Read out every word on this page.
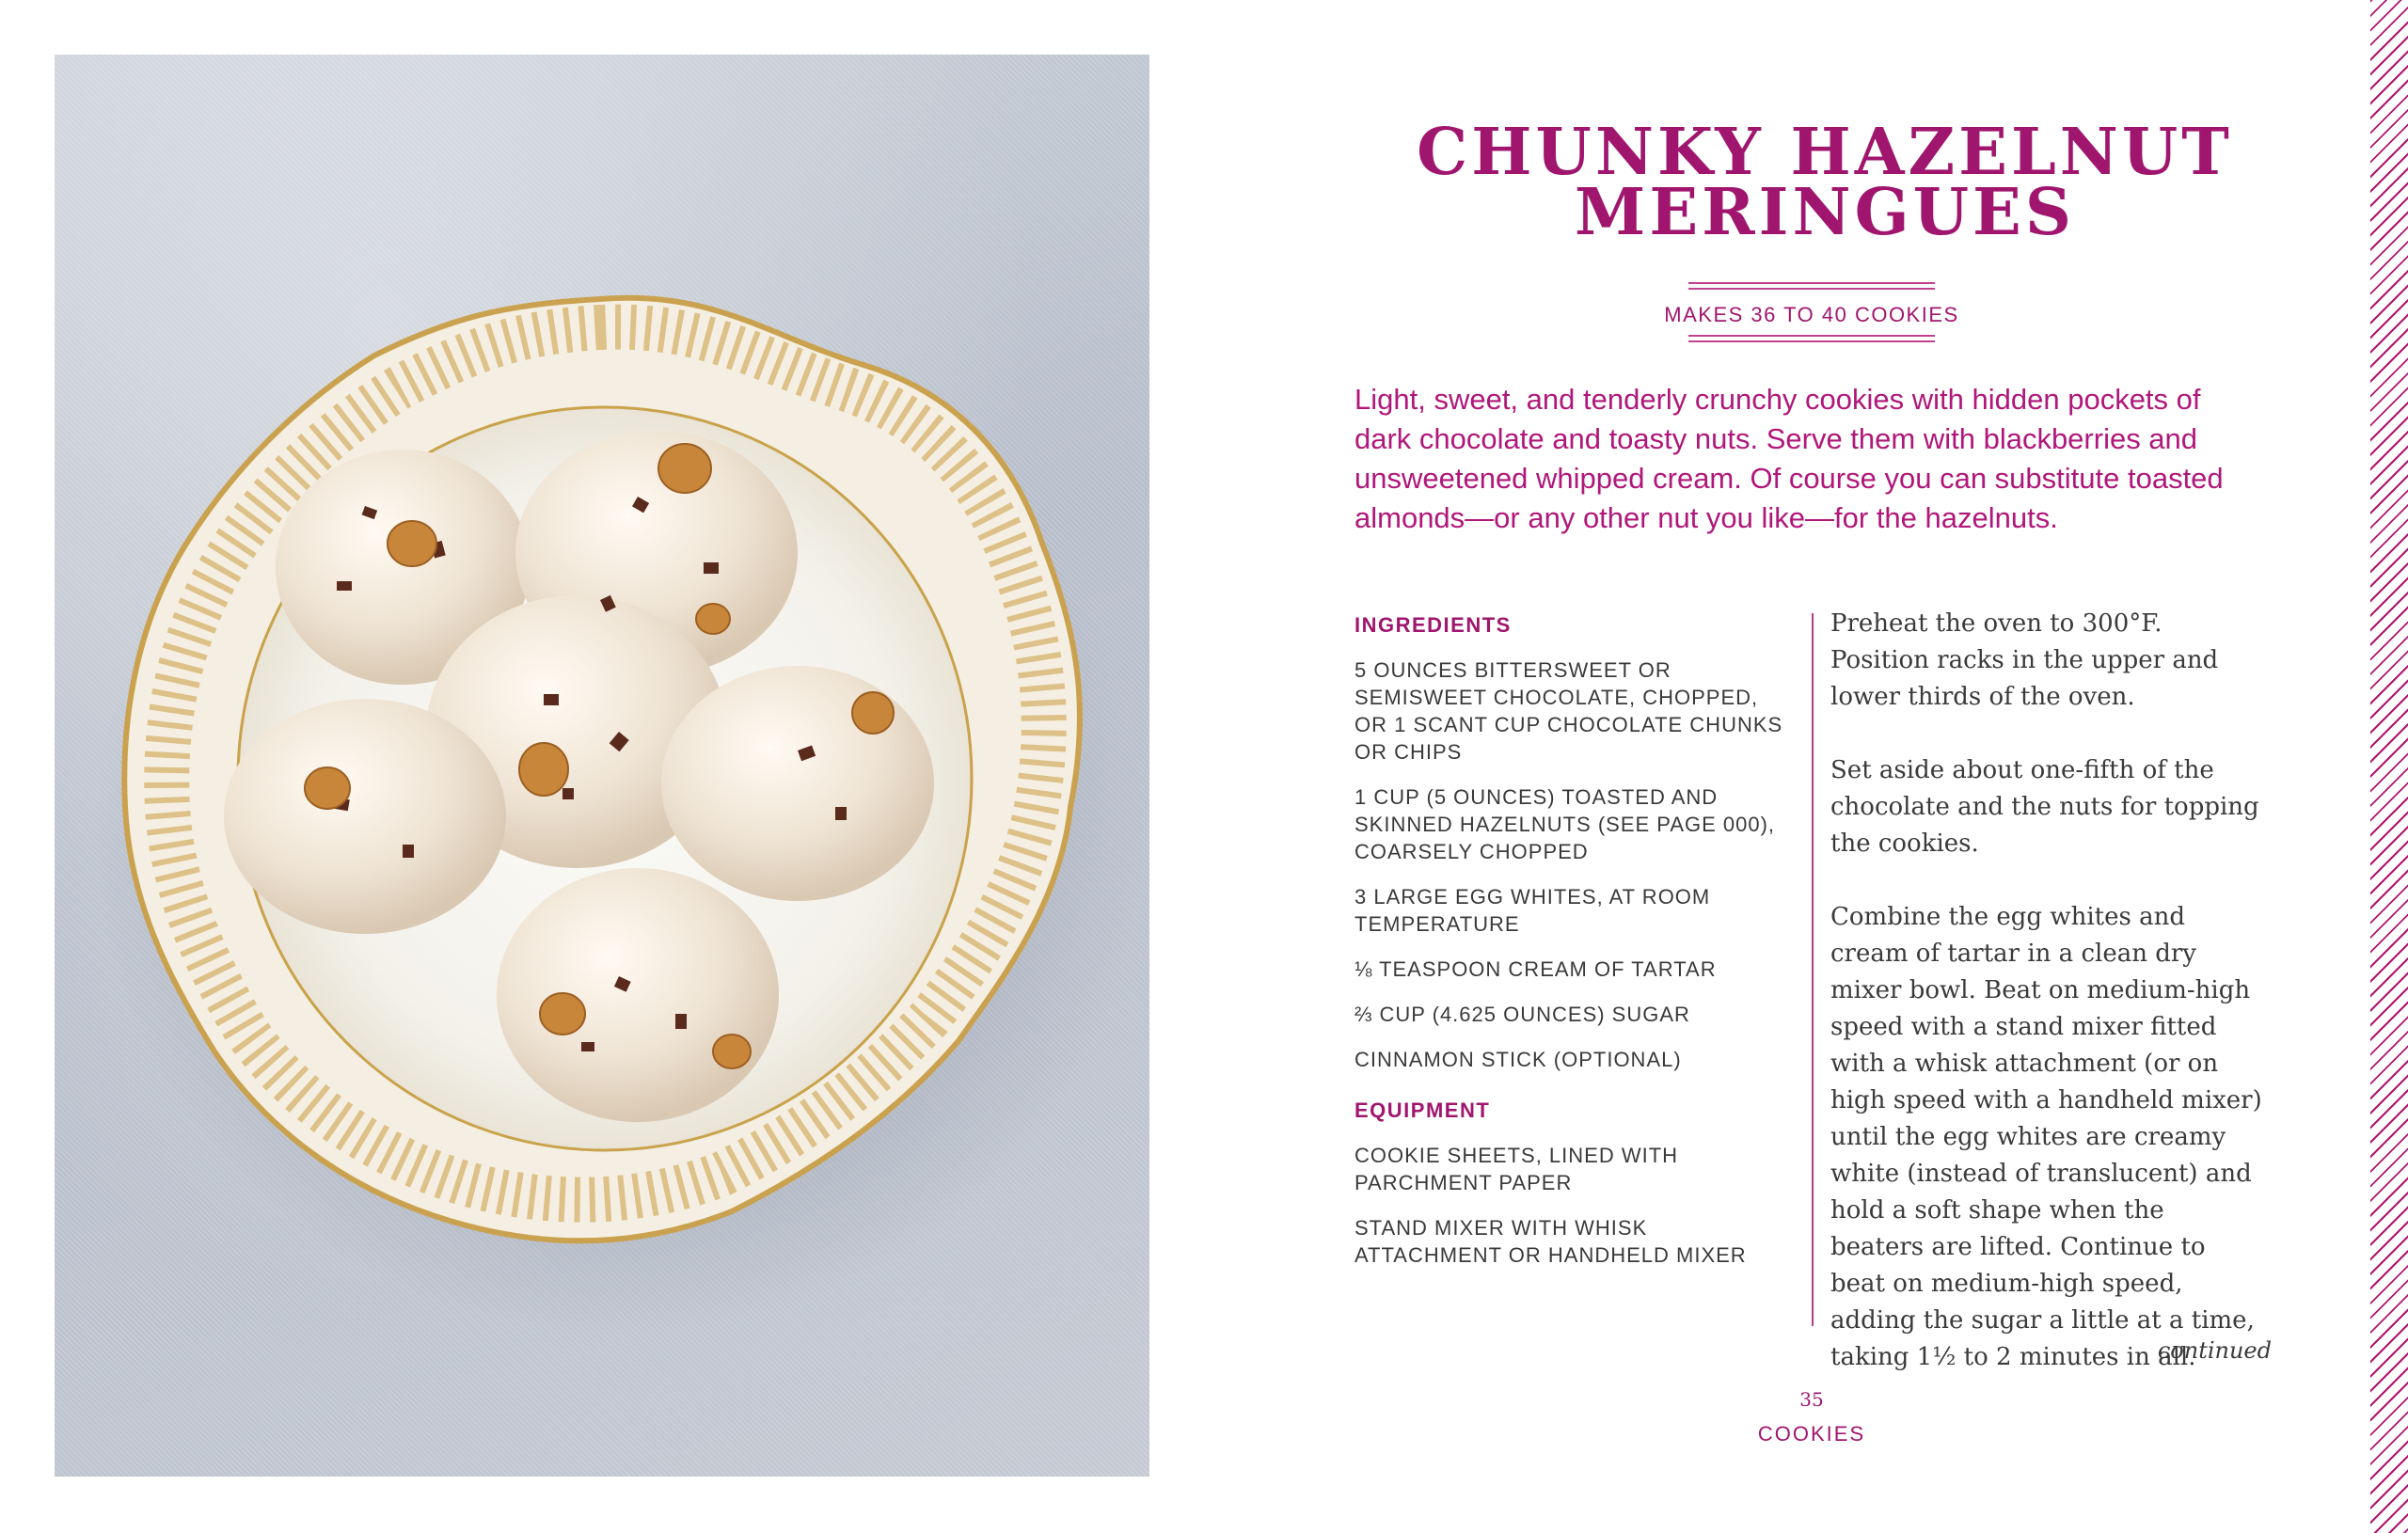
CHUNKY HAZELNUT
MERINGUES
MAKES 36 TO 40 COOKIES

Light, sweet, and tenderly crunchy cookies with hidden pockets of dark chocolate and toasty nuts. Serve them with blackberries and unsweetened whipped cream. Of course you can substitute toasted almonds—or any other nut you like—for the hazelnuts.

INGREDIENTS
5 OUNCES BITTERSWEET OR SEMISWEET CHOCOLATE, CHOPPED, OR 1 SCANT CUP CHOCOLATE CHUNKS OR CHIPS
1 CUP (5 OUNCES) TOASTED AND SKINNED HAZELNUTS (SEE PAGE 000), COARSELY CHOPPED
3 LARGE EGG WHITES, AT ROOM TEMPERATURE
⅛ TEASPOON CREAM OF TARTAR
⅔ CUP (4.625 OUNCES) SUGAR
CINNAMON STICK (OPTIONAL)
EQUIPMENT
COOKIE SHEETS, LINED WITH PARCHMENT PAPER
STAND MIXER WITH WHISK ATTACHMENT OR HANDHELD MIXER

Preheat the oven to 300°F. Position racks in the upper and lower thirds of the oven.

Set aside about one-fifth of the chocolate and the nuts for topping the cookies.

Combine the egg whites and cream of tartar in a clean dry mixer bowl. Beat on medium-high speed with a stand mixer fitted with a whisk attachment (or on high speed with a handheld mixer) until the egg whites are creamy white (instead of translucent) and hold a soft shape when the beaters are lifted. Continue to beat on medium-high speed, adding the sugar a little at a time, taking 1½ to 2 minutes in all.

continued
35
COOKIES
